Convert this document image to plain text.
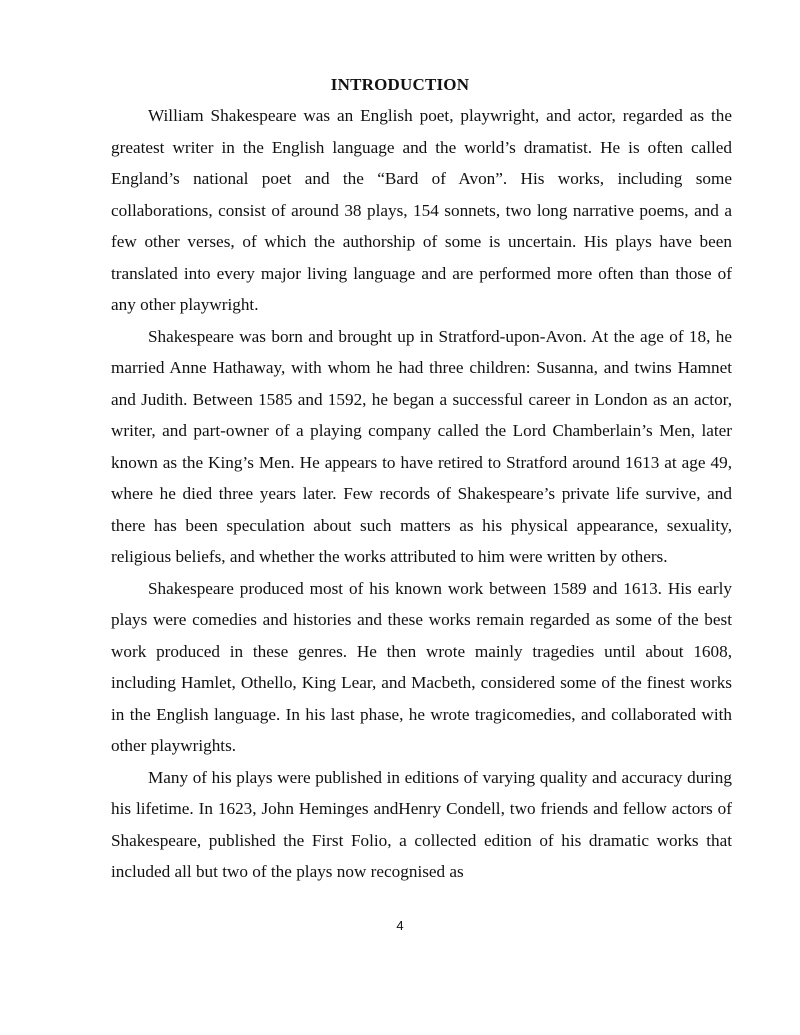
INTRODUCTION

William Shakespeare was an English poet, playwright, and actor, regarded as the greatest writer in the English language and the world’s dramatist. He is often called England’s national poet and the “Bard of Avon”. His works, including some collaborations, consist of around 38 plays, 154 sonnets, two long narrative poems, and a few other verses, of which the authorship of some is uncertain. His plays have been translated into every major living language and are performed more often than those of any other playwright.

Shakespeare was born and brought up in Stratford-upon-Avon. At the age of 18, he married Anne Hathaway, with whom he had three children: Susanna, and twins Hamnet and Judith. Between 1585 and 1592, he began a successful career in London as an actor, writer, and part-owner of a playing company called the Lord Chamberlain’s Men, later known as the King’s Men. He appears to have retired to Stratford around 1613 at age 49, where he died three years later. Few records of Shakespeare’s private life survive, and there has been speculation about such matters as his physical appearance, sexuality, religious beliefs, and whether the works attributed to him were written by others.

Shakespeare produced most of his known work between 1589 and 1613. His early plays were comedies and histories and these works remain regarded as some of the best work produced in these genres. He then wrote mainly tragedies until about 1608, including Hamlet, Othello, King Lear, and Macbeth, considered some of the finest works in the English language. In his last phase, he wrote tragicomedies, and collaborated with other playwrights.

Many of his plays were published in editions of varying quality and accuracy during his lifetime. In 1623, John Heminges andHenry Condell, two friends and fellow actors of Shakespeare, published the First Folio, a collected edition of his dramatic works that included all but two of the plays now recognised as

4
